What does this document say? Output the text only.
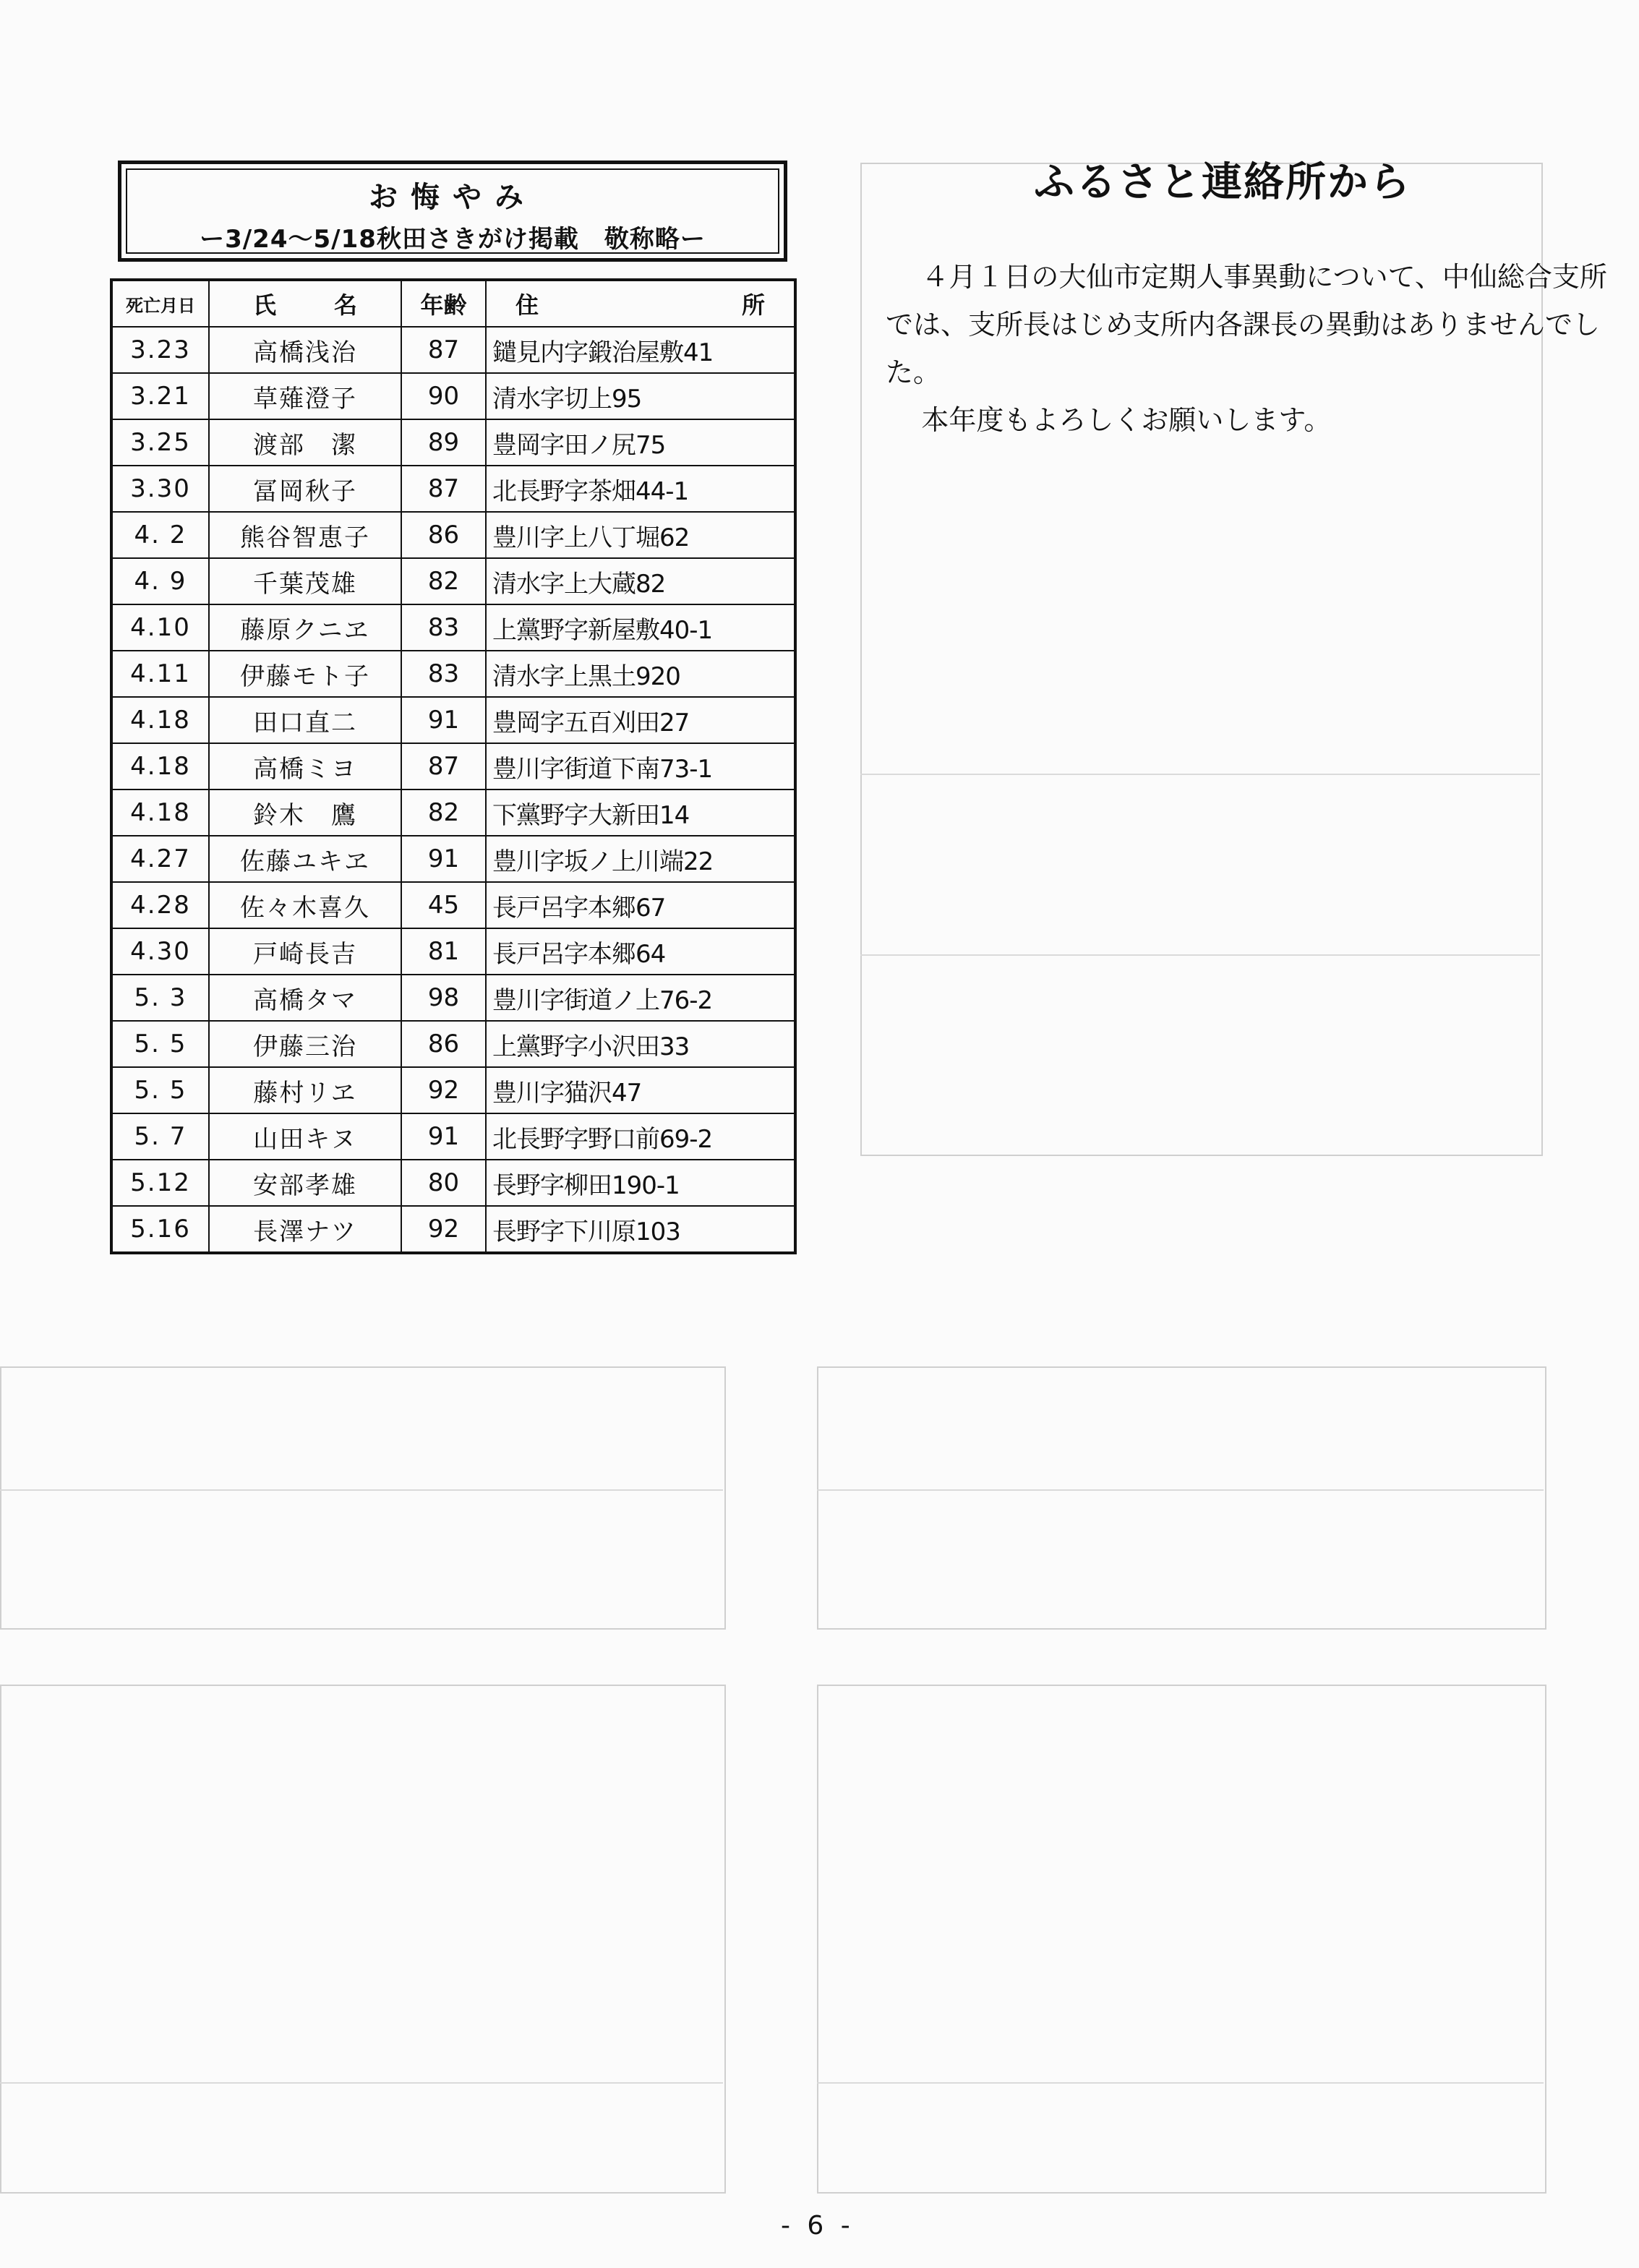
お悔やみ
ー3/24～5/18秋田さきがけ掲載　敬称略ー
死亡月日	氏 名	年齢	住 所

3.23	高橋浅治	87	鑓見内字鍛治屋敷41
3.21	草薙澄子	90	清水字切上95
3.25	渡部　潔	89	豊岡字田ノ尻75
3.30	冨岡秋子	87	北長野字茶畑44-1
4. 2	熊谷智恵子	86	豊川字上八丁堀62
4. 9	千葉茂雄	82	清水字上大蔵82
4.10	藤原クニヱ	83	上黨野字新屋敷40-1
4.11	伊藤モト子	83	清水字上黒土920
4.18	田口直二	91	豊岡字五百刈田27
4.18	高橋ミヨ	87	豊川字街道下南73-1
4.18	鈴木　鷹	82	下黨野字大新田14
4.27	佐藤ユキヱ	91	豊川字坂ノ上川端22
4.28	佐々木喜久	45	長戸呂字本郷67
4.30	戸崎長吉	81	長戸呂字本郷64
5. 3	高橋タマ	98	豊川字街道ノ上76-2
5. 5	伊藤三治	86	上黨野字小沢田33
5. 5	藤村リヱ	92	豊川字猫沢47
5. 7	山田キヌ	91	北長野字野口前69-2
5.12	安部孝雄	80	長野字柳田190-1
5.16	長澤ナツ	92	長野字下川原103
ふるさと連絡所から

４月１日の大仙市定期人事異動について、中仙総合支所では、支所長はじめ支所内各課長の異動はありませんでした。

本年度もよろしくお願いします。

- 6 -
